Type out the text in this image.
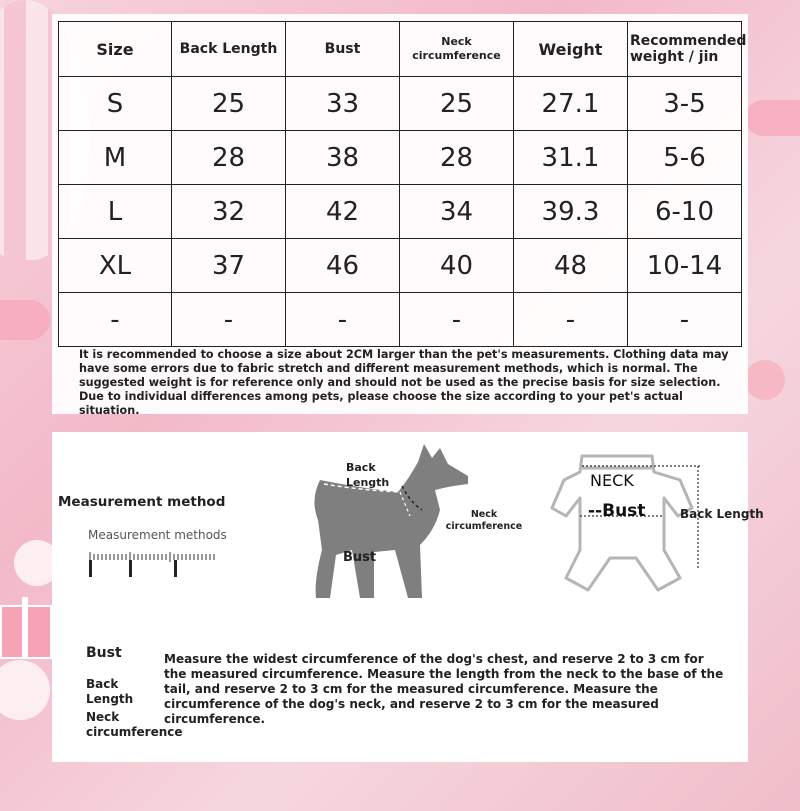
Size	Back Length	Bust	Neck circumference	Weight	Recommended weight / jin
S	25	33	25	27.1	3-5
M	28	38	28	31.1	5-6
L	32	42	34	39.3	6-10
XL	37	46	40	48	10-14
-	-	-	-	-	-
It is recommended to choose a size about 2CM larger than the pet's measurements. Clothing data may have some errors due to fabric stretch and different measurement methods, which is normal. The suggested weight is for reference only and should not be used as the precise basis for size selection. Due to individual differences among pets, please choose the size according to your pet's actual situation.
Measurement method
Measurement methods
Back Length
Neck circumference
Bust
NECK
--Bust	Back Length
Bust
Back Length
Neck circumference
Measure the widest circumference of the dog's chest, and reserve 2 to 3 cm for the measured circumference. Measure the length from the neck to the base of the tail, and reserve 2 to 3 cm for the measured circumference. Measure the circumference of the dog's neck, and reserve 2 to 3 cm for the measured circumference.
